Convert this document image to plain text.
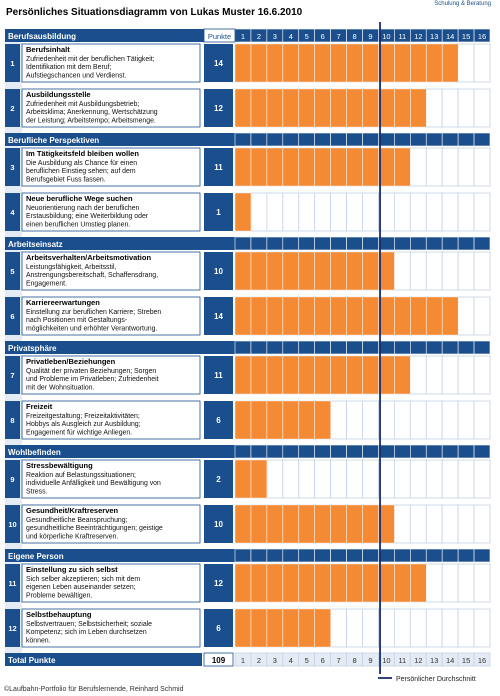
Persönliches Situationsdiagramm von Lukas Muster 16.6.2010
Schulung & Beratung
Berufsausbildung	Punkte 1 2 3 4 5 6 7 8 9 10 11 12 13 14 15 16
1
Berufsinhalt
Zufriedenheit mit der beruflichen Tätigkeit;
Identifikation mit dem Beruf;
Aufstiegschancen und Verdienst.
14
2
Ausbildungsstelle
Zufriedenheit mit Ausbildungsbetrieb;
Arbeitsklima; Anerkennung, Wertschätzung
der Leistung; Arbeitstempo; Arbeitsmenge.
12
Berufliche Perspektiven
3
Im Tätigkeitsfeld bleiben wollen
Die Ausbildung als Chance für einen
beruflichen Einstieg sehen; auf dem
Berufsgebiet Fuss fassen.
11
4
Neue berufliche Wege suchen
Neuorientierung nach der beruflichen
Erstausbildung; eine Weiterbildung oder
einen beruflichen Umstieg planen.
1
Arbeitseinsatz
5
Arbeitsverhalten/Arbeitsmotivation
Leistungsfähigkeit, Arbeitsstil,
Anstrengungsbereitschaft, Schaffensdrang,
Engagement.
10
6
Karriereerwartungen
Einstellung zur beruflichen Karriere; Streben
nach Positionen mit Gestaltungs-
möglichkeiten und erhöhter Verantwortung.
14
Privatsphäre
7
Privatleben/Beziehungen
Qualität der privaten Beziehungen; Sorgen
und Probleme im Privatleben; Zufriedenheit
mit der Wohnsituation.
11
8
Freizeit
Freizeitgestaltung; Freizeitaktivitäten;
Hobbys als Ausgleich zur Ausbildung;
Engagement für wichtige Anliegen.
6
Wohlbefinden
9
Stressbewältigung
Reaktion auf Belastungssituationen;
individuelle Anfälligkeit und Bewältigung von
Stress.
2
10
Gesundheit/Kraftreserven
Gesundheitliche Beanspruchung;
gesundheitliche Beeinträchtigungen; geistige
und körperliche Kraftreserven.
10
Eigene Person
11
Einstellung zu sich selbst
Sich selber akzeptieren; sich mit dem
eigenen Leben auseinander setzen;
Probleme bewältigen.
12
12
Selbstbehauptung
Selbstvertrauen; Selbstsicherheit; soziale
Kompetenz; sich im Leben durchsetzen
können.
6
Total Punkte	109 1 2 3 4 5 6 7 8 9 10 11 12 13 14 15 16
Persönlicher Durchschnitt
©Laufbahn-Portfolio für Berufslernende, Reinhard Schmid
